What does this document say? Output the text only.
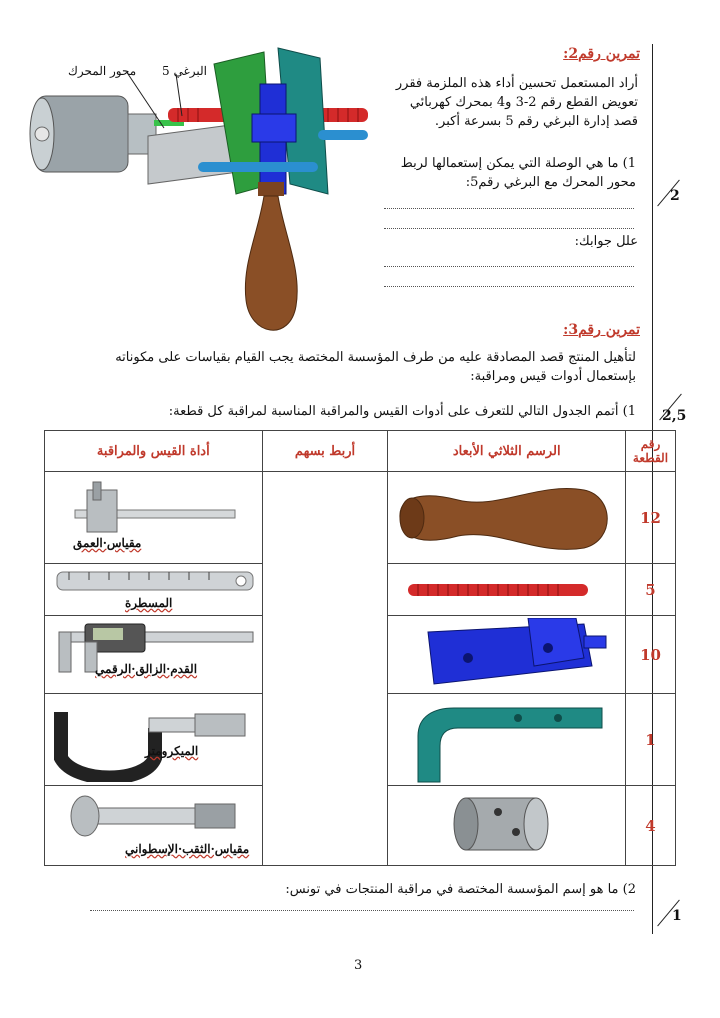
2
2,5
1
محور المحرك البرغي 5
تمرين رقم2:
أراد المستعمل تحسين أداء هذه الملزمة فقرر تعويض القطع رقم 2-3 و4 بمحرك كهربائي قصد إدارة البرغي رقم 5 بسرعة أكبر.
1) ما هي الوصلة التي يمكن إستعمالها لربط محور المحرك مع البرغي رقم5:
علل جوابك:
تمرين رقم3:
لتأهيل المنتج قصد المصادقة عليه من طرف المؤسسة المختصة يجب القيام بقياسات على مكوناته بإستعمال أدوات قيس ومراقبة:
1) أتمم الجدول التالي للتعرف على أدوات القيس والمراقبة المناسبة لمراقبة كل قطعة:
أداة القيس والمراقبة	أربط بسهم	الرسم الثلاثي الأبعاد	رقم القطعة

مقياس·العمق			12

المسطرة			5

القدم·الزالق·الرقمي			10

الميكرومتر			1

مقياس·الثقب·الإسطواني			4
2) ما هو إسم المؤسسة المختصة في مراقبة المنتجات في تونس:
3
